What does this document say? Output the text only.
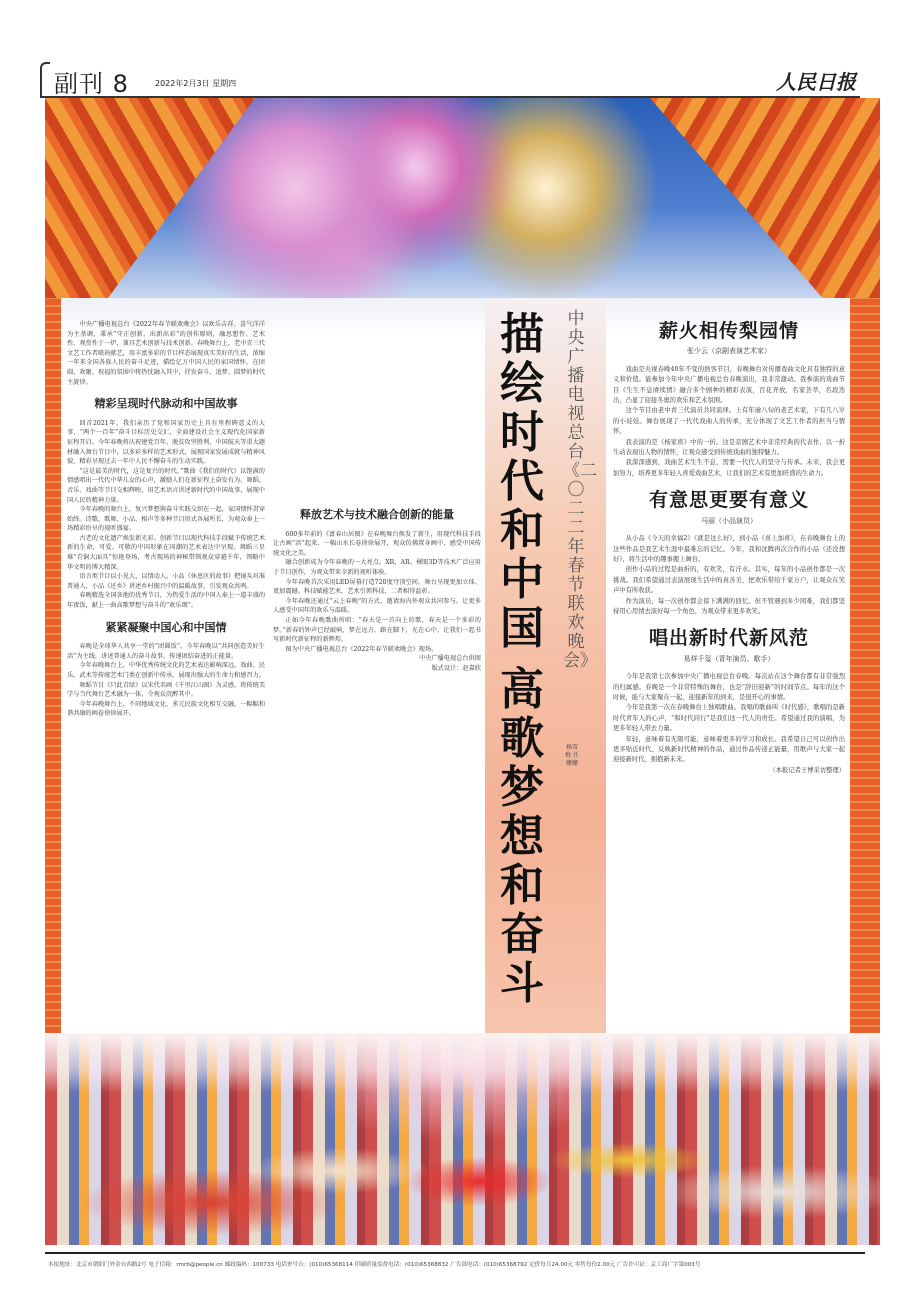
副刊 8	2022年2月3日 星期四	人民日报

中央广播电视总台《2022年春节联欢晚会》以欢乐吉祥、喜气洋洋为主基调，秉承“守正创新、出新出彩”的创作原则，融思想性、艺术性、观赏性于一炉，兼具艺术创新与技术创新。春晚舞台上，老中青三代文艺工作者联袂献艺，用丰富多彩的节目样态展现真实美好的生活，浓缩一年来全国各族人民的奋斗足迹，描绘亿万中国人民的家国情怀，在团圆、欢聚、祝福的氛围中将热忱融入其中，抒发奋斗、追梦、圆梦的时代主旋律。

精彩呈现时代脉动和中国故事

回首2021年，我们亲历了党和国家历史上具有里程碑意义的大事，“两个一百年”奋斗目标历史交汇，全面建设社会主义现代化国家新征程开启。今年春晚将庆祝建党百年、脱贫攻坚胜利、中国航天等重大题材融入舞台节目中，以多彩多样的艺术形式，展现国家发展成就与精神风貌，精彩呈现过去一年中人民不懈奋斗的生动实践。

“这是最美的时代，这是复兴的时代。”歌曲《我们的时代》以饱满的情感唱出一代代中华儿女的心声，激励人们在新征程上奋发有为。舞蹈、音乐、戏曲等节目交相辉映，用艺术语言讲述新时代的中国故事，展现中国人民的精神力量。

今年春晚的舞台上，复兴梦想與奋斗实践交织在一起，家国情怀贯穿始终。诗歌、歌舞、小品、相声等多种节目形式各展所长，为观众奉上一场精彩纷呈的视听盛宴。

古老的文化遗产焕发新光彩。创新节目以现代科技手段赋予传统艺术新的生命，可爱、可敬的中国形象在国潮的艺术表达中呈现。舞蹈三星堆“青铜大面具”惊艳登场，考古现场的神秘带领观众穿越千年，领略中华文明的博大精深。

语言类节目以小见大，以情动人。小品《休息区的故事》把镜头对准普通人，小品《还乡》讲述乡村振兴中的温暖故事，引发观众共鸣。

春晚精选全国各地的优秀节目，为热爱生活的中国人奉上一道丰盛的年夜饭，献上一曲高歌梦想与奋斗的“欢乐颂”。

紧紧凝聚中国心和中国情

春晚是全球华人共享一堂的“团圆饭”。今年春晚以“共同创造美好生活”为主线，讲述普通人的奋斗故事，传递团结奋进的正能量。

今年春晚舞台上，中华优秀传统文化的艺术表达影响深远。戏曲、民乐、武术等传统艺术门类在创新中传承，展现出强大的生命力和感召力。

舞蹈节目《只此青绿》以宋代名画《千里江山图》为灵感，将传统美学与当代舞台艺术融为一体，令观众沉醉其中。

今年春晚舞台上，不同地域文化、多元民族文化相互交融，一幅幅和谐共融的画卷徐徐展开。

释放艺术与技术融合创新的能量

600多年前的《富春山居图》在春晚舞台焕发了新生，用现代科技手段让古画“活”起来，一幅山水长卷徐徐展开，观众仿佛置身画中，感受中国传统文化之美。

融合创新成为今年春晚的一大亮点。XR、AR、裸眼3D等技术广泛应用于节目创作，为观众带来全新的视听体验。

今年春晚首次采用LED屏幕打造720度穹顶空间，舞台呈现更加立体、更加震撼。科技赋能艺术，艺术引领科技，二者相得益彰。

今年春晚还通过“云上春晚”的方式，邀请海内外观众共同参与，让更多人感受中国年的欢乐与温暖。

正如今年春晚歌曲所唱：“春天是一首向上的歌，春天是一个多彩的梦。”新春的钟声已经敲响，梦在远方，路在脚下，光在心中，让我们一起书写新时代新征程的新辉煌。

图为中央广播电视总台《2022年春节联欢晚会》现场。

中央广播电视总台供图

版式设计：赵嘉欣

描绘时代和中国
高歌梦想和奋斗
中央广播电视总台《二〇二二年春节联欢晚会》
杨雪梅 任姗姗
薪火相传梨园情

张少云（京剧表演艺术家）

戏曲是央视春晚40年不变的熟客节目，春晚舞台对传播戏曲文化具有独特的意义和价值。能参加今年中央广播电视总台春晚演出，我非常激动。我参演的戏曲节目《生生不息赓续情》融合多个剧种的精彩表演，百花齐放，名家荟萃，名段迭出，凸显了迎接冬奥的欢乐和艺术氛围。

这个节目由老中青三代演员共同演绎。上有年逾八旬的老艺术家，下有几八岁的小娃娃。舞台展现了一代代戏曲人的传承，充分体现了文艺工作者的担当与情怀。

我表演的是《杨家将》中的一折。这是京剧艺术中非常经典的代表作，以一折生动表现出人物的情怀，让观众感受到传统戏曲的独特魅力。

我深深感到，戏曲艺术生生不息，需要一代代人的坚守与传承。未来，我会更加努力，培养更多年轻人喜爱戏曲艺术，让我们的艺术有更加旺盛的生命力。

有意思更要有意义

马丽（小品演员）

从小品《今天的幸福2》《就是这么好》，到小品《喜上加喜》，在春晚舞台上的这些作品是我艺术生涯中最难忘的记忆。今年，我和沈腾再次合作的小品《还没想好》，将生活中的趣事搬上舞台。

创作小品的过程是曲折的，有欢笑，有汗水。其实，每年的小品创作都是一次挑战。我们希望通过表演展现生活中的真善美，把欢乐带给千家万户，让观众在笑声中有所收获。

作为演员，每一次创作都会留下满满的回忆。但不管遇到多少困难，我们都坚持用心用情去演好每一个角色，为观众带来更多欢笑。

唱出新时代新风范

易烊千玺（青年演员、歌手）

今年是我第七次参加中央广播电视总台春晚。每次站在这个舞台都有非常强烈的归属感。春晚是一个非常特殊的舞台，也是“辞旧迎新”的时间节点。每年的这个时候，能与大家聚在一起，迎接新年的到来，是很开心的事情。

今年是我第一次在春晚舞台上独唱歌曲。我唱的歌曲叫《时代感》，歌唱的是新时代青年人的心声，“和时代同行”是我们这一代人的责任。希望通过我的演唱，为更多年轻人带去力量。

年轻，意味着有无限可能，意味着更多的学习和成长。我希望自己可以创作出更多贴近时代、反映新时代精神的作品，通过作品传递正能量，用歌声与大家一起迎接新时代、拥抱新未来。

（本报记者王博采访整理）

本报地址：北京市朝阳门外金台西路2号 电子信箱：rmrb@people.cn 邮政编码：100733 电话查号台：(010)65368114 印刷质量监督电话：(010)65368832 广告部电话：(010)65368792 定价每月24.00元 零售每份2.00元 广告许可证：京工商广字第003号
